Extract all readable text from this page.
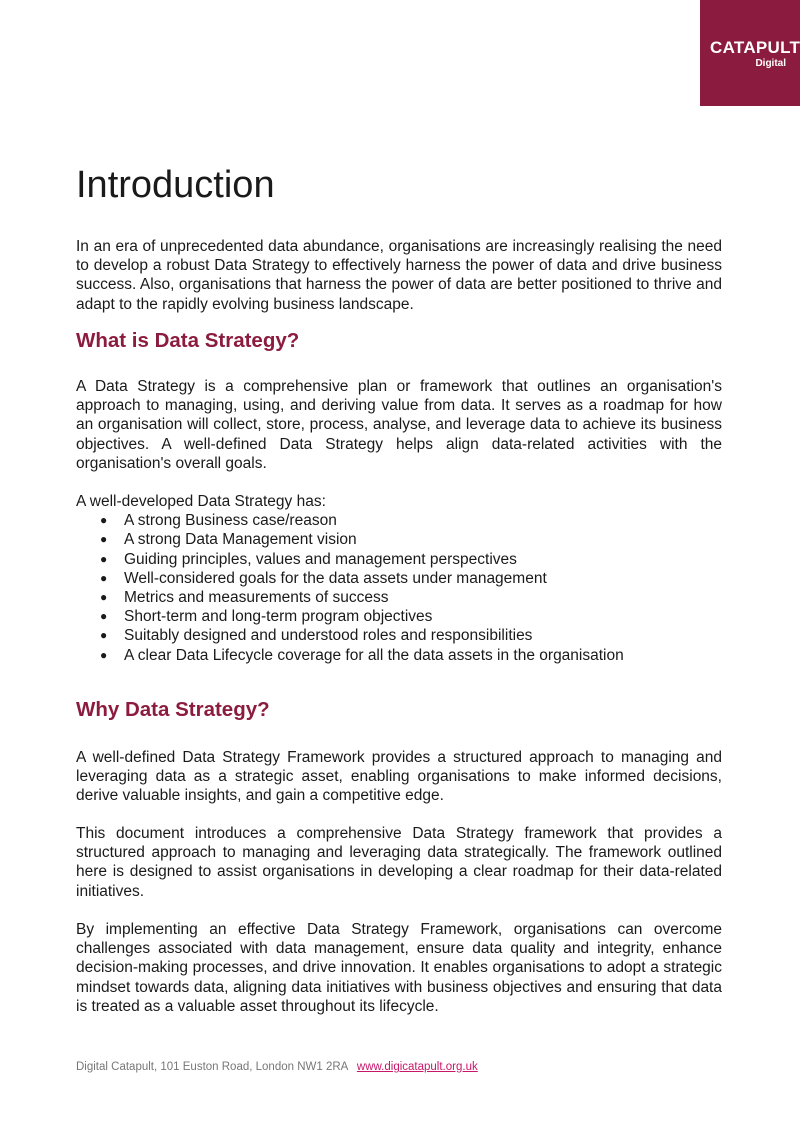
CATAPULT
Digital
Introduction

In an era of unprecedented data abundance, organisations are increasingly realising the need to develop a robust Data Strategy to effectively harness the power of data and drive business success. Also, organisations that harness the power of data are better positioned to thrive and adapt to the rapidly evolving business landscape.

What is Data Strategy?

A Data Strategy is a comprehensive plan or framework that outlines an organisation's approach to managing, using, and deriving value from data. It serves as a roadmap for how an organisation will collect, store, process, analyse, and leverage data to achieve its business objectives. A well-defined Data Strategy helps align data-related activities with the organisation's overall goals.

A well-developed Data Strategy has:

● A strong Business case/reason
● A strong Data Management vision
● Guiding principles, values and management perspectives
● Well-considered goals for the data assets under management
● Metrics and measurements of success
● Short-term and long-term program objectives
● Suitably designed and understood roles and responsibilities
● A clear Data Lifecycle coverage for all the data assets in the organisation
Why Data Strategy?

A well-defined Data Strategy Framework provides a structured approach to managing and leveraging data as a strategic asset, enabling organisations to make informed decisions, derive valuable insights, and gain a competitive edge.

This document introduces a comprehensive Data Strategy framework that provides a structured approach to managing and leveraging data strategically. The framework outlined here is designed to assist organisations in developing a clear roadmap for their data-related initiatives.

By implementing an effective Data Strategy Framework, organisations can overcome challenges associated with data management, ensure data quality and integrity, enhance decision-making processes, and drive innovation. It enables organisations to adopt a strategic mindset towards data, aligning data initiatives with business objectives and ensuring that data is treated as a valuable asset throughout its lifecycle.

Digital Catapult, 101 Euston Road, London NW1 2RA www.digicatapult.org.uk
